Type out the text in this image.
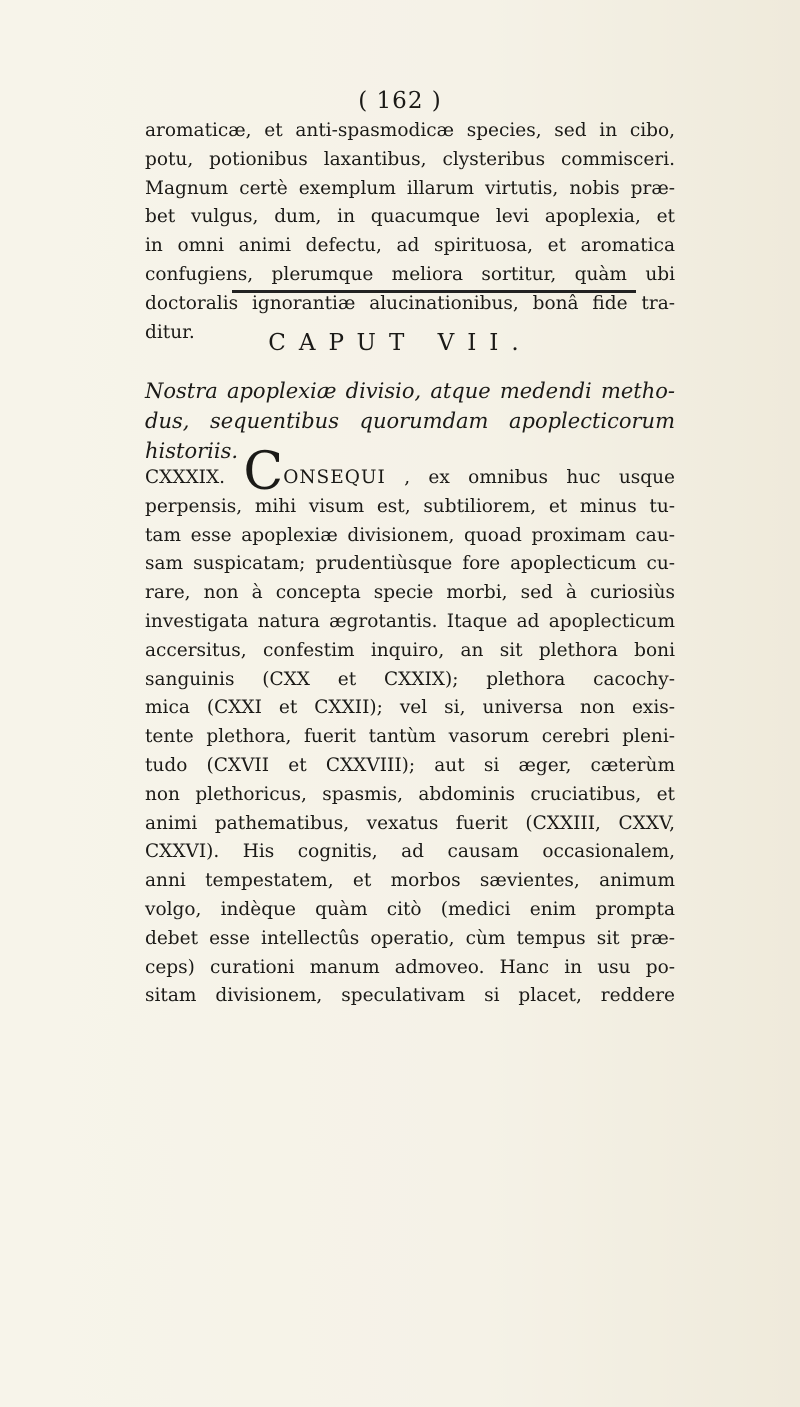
( 162 )

aromaticæ, et anti-spasmodicæ species, sed in cibo,
potu, potionibus laxantibus, clysteribus commisceri.
Magnum certè exemplum illarum virtutis, nobis præ-
bet vulgus, dum, in quacumque levi apoplexia, et
in omni animi defectu, ad spirituosa, et aromatica
confugiens, plerumque meliora sortitur, quàm ubi
doctoralis ignorantiæ alucinationibus, bonâ fide tra-
ditur.	CAPUT VII.
Nostra apoplexiæ divisio, atque medendi metho-
dus, sequentibus quorumdam apoplecticorum
historiis.

CXXXIX. CONSEQUI , ex omnibus huc usque
perpensis, mihi visum est, subtiliorem, et minus tu-
tam esse apoplexiæ divisionem, quoad proximam cau-
sam suspicatam; prudentiùsque fore apoplecticum cu-
rare, non à concepta specie morbi, sed à curiosiùs
investigata natura ægrotantis. Itaque ad apoplecticum
accersitus, confestim inquiro, an sit plethora boni
sanguinis (CXX et CXXIX); plethora cacochy-
mica (CXXI et CXXII); vel si, universa non exis-
tente plethora, fuerit tantùm vasorum cerebri pleni-
tudo (CXVII et CXXVIII); aut si æger, cæterùm
non plethoricus, spasmis, abdominis cruciatibus, et
animi pathematibus, vexatus fuerit (CXXIII, CXXV,
CXXVI). His cognitis, ad causam occasionalem,
anni tempestatem, et morbos sævientes, animum
volgo, indèque quàm citò (medici enim prompta
debet esse intellectûs operatio, cùm tempus sit præ-
ceps) curationi manum admoveo. Hanc in usu po-
sitam divisionem, speculativam si placet, reddere
